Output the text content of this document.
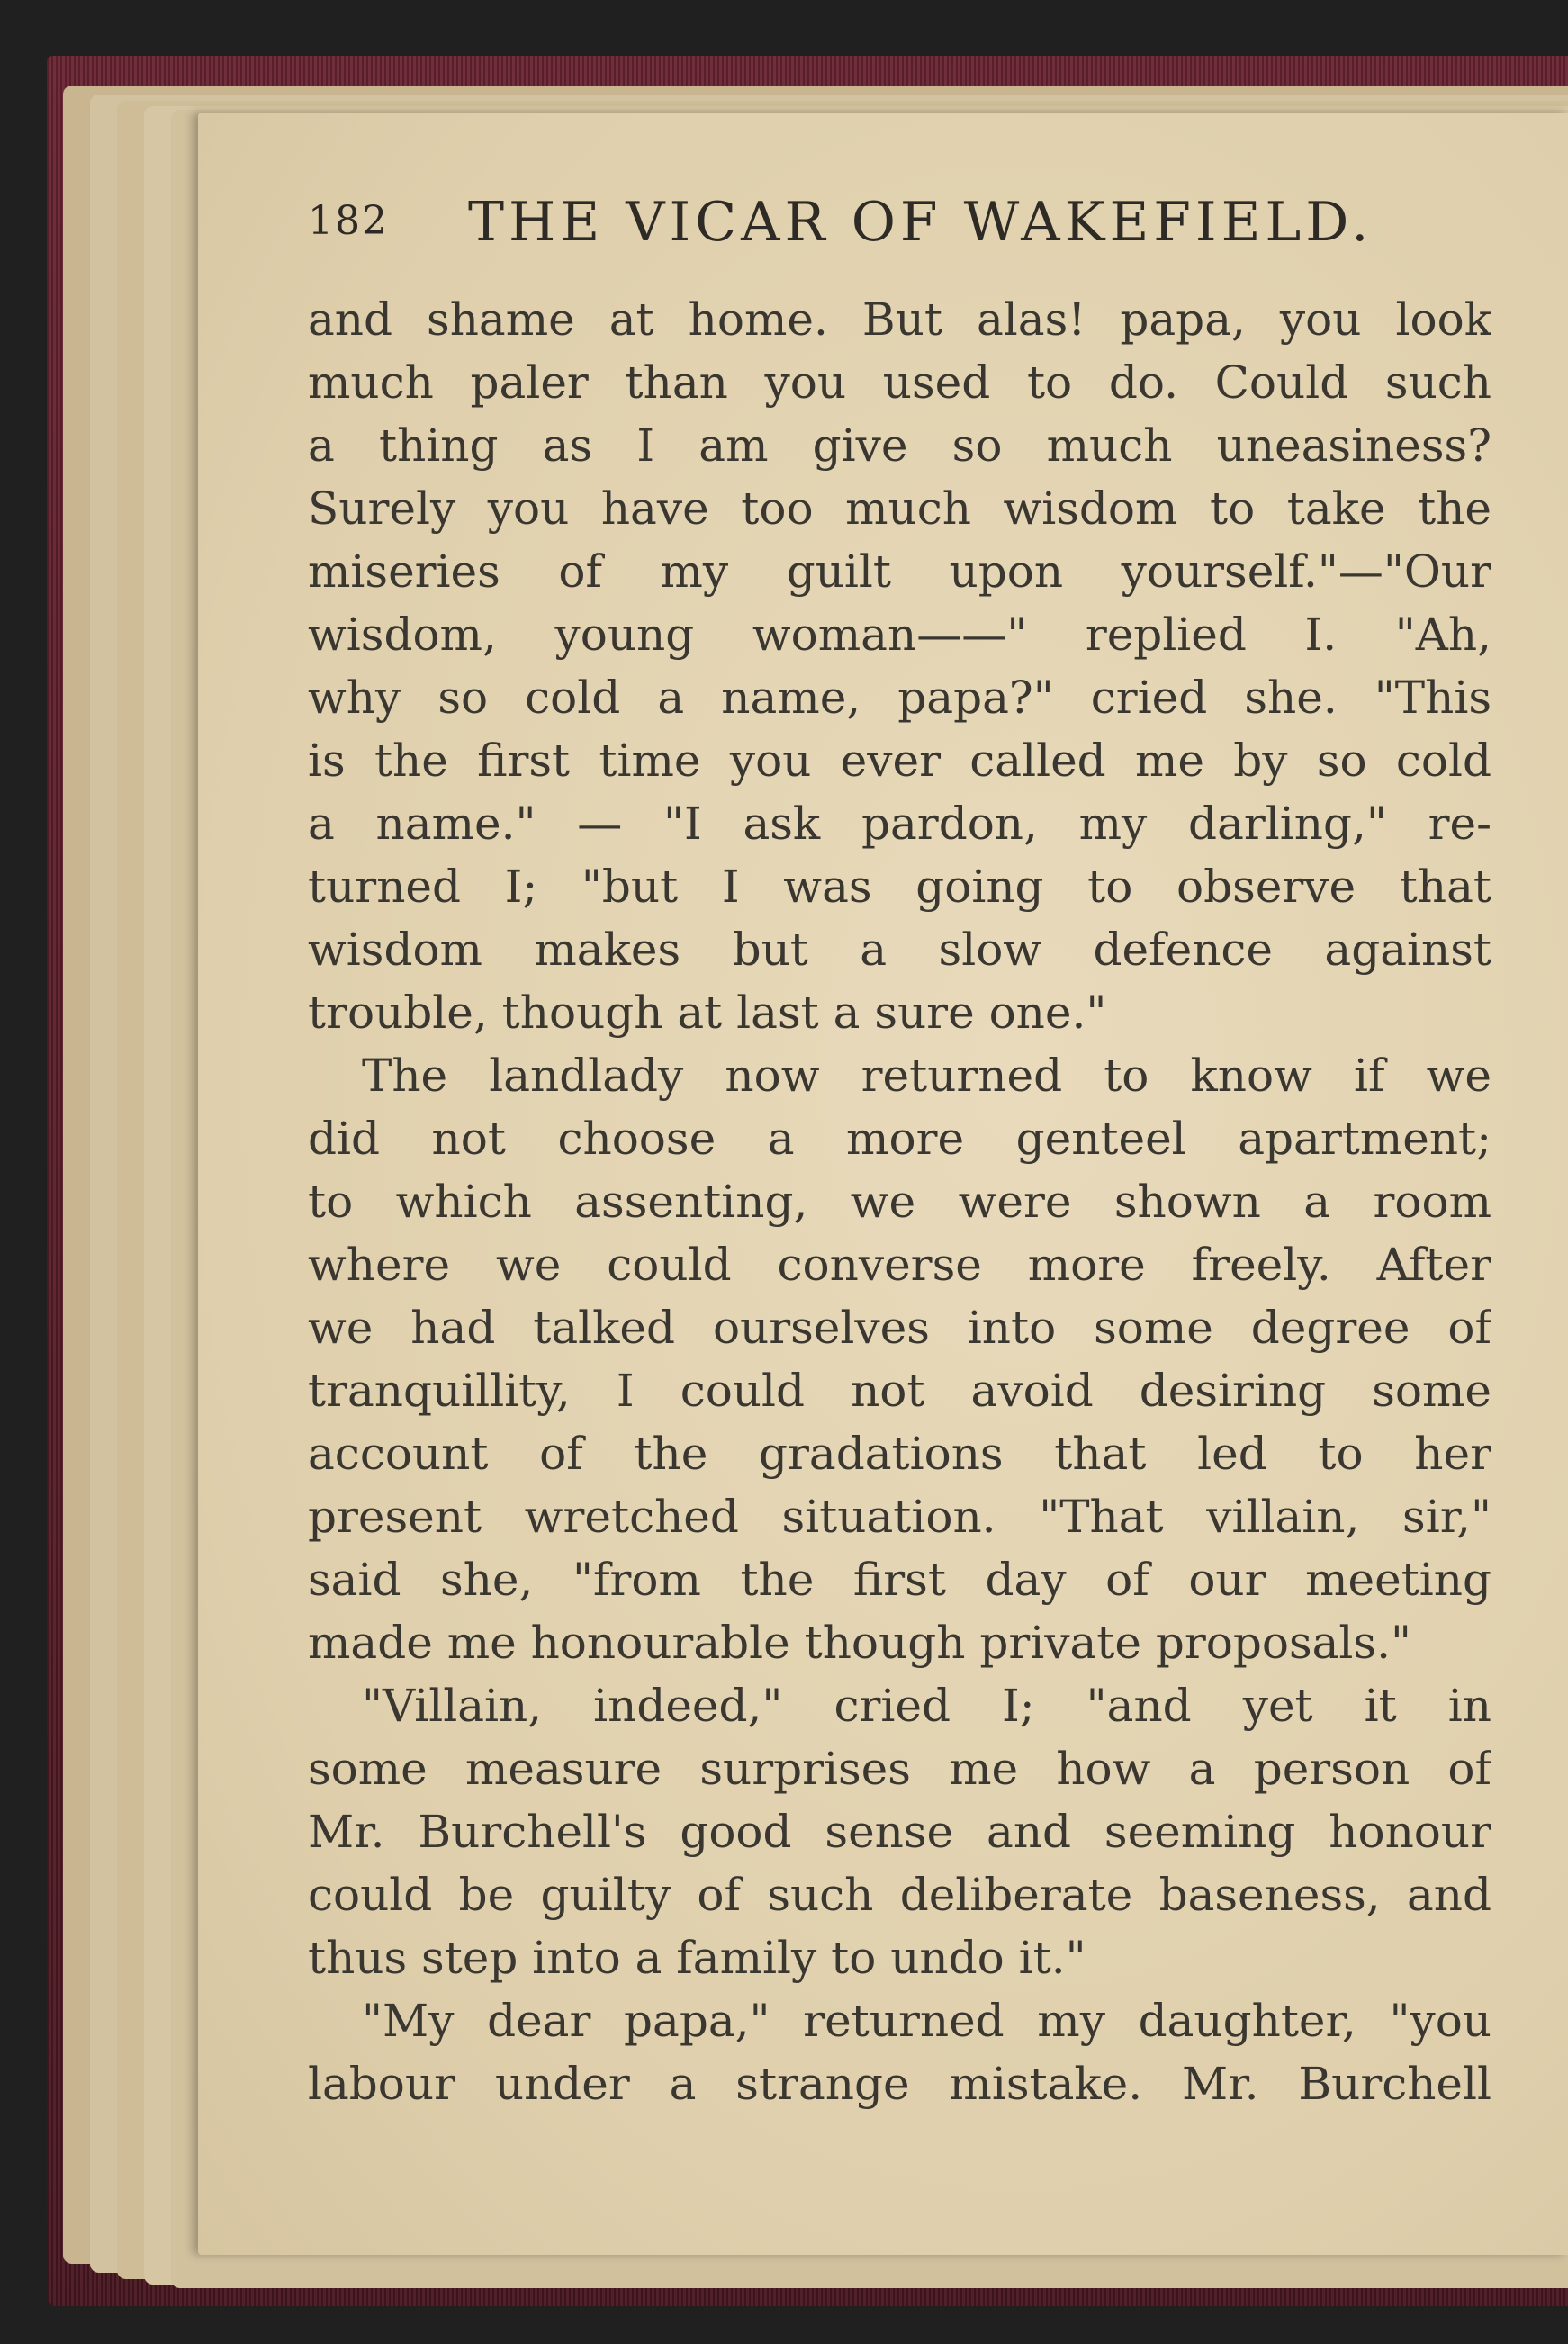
182 THE VICAR OF WAKEFIELD.
and shame at home. But alas! papa, you look
much paler than you used to do. Could such
a thing as I am give so much uneasiness?
Surely you have too much wisdom to take the
miseries of my guilt upon yourself."—"Our
wisdom, young woman——" replied I. "Ah,
why so cold a name, papa?" cried she. "This
is the first time you ever called me by so cold
a name." — "I ask pardon, my darling," re-
turned I; "but I was going to observe that
wisdom makes but a slow defence against
trouble, though at last a sure one."
The landlady now returned to know if we
did not choose a more genteel apartment;
to which assenting, we were shown a room
where we could converse more freely. After
we had talked ourselves into some degree of
tranquillity, I could not avoid desiring some
account of the gradations that led to her
present wretched situation. "That villain, sir,"
said she, "from the first day of our meeting
made me honourable though private proposals."
"Villain, indeed," cried I; "and yet it in
some measure surprises me how a person of
Mr. Burchell's good sense and seeming honour
could be guilty of such deliberate baseness, and
thus step into a family to undo it."
"My dear papa," returned my daughter, "you
labour under a strange mistake. Mr. Burchell
